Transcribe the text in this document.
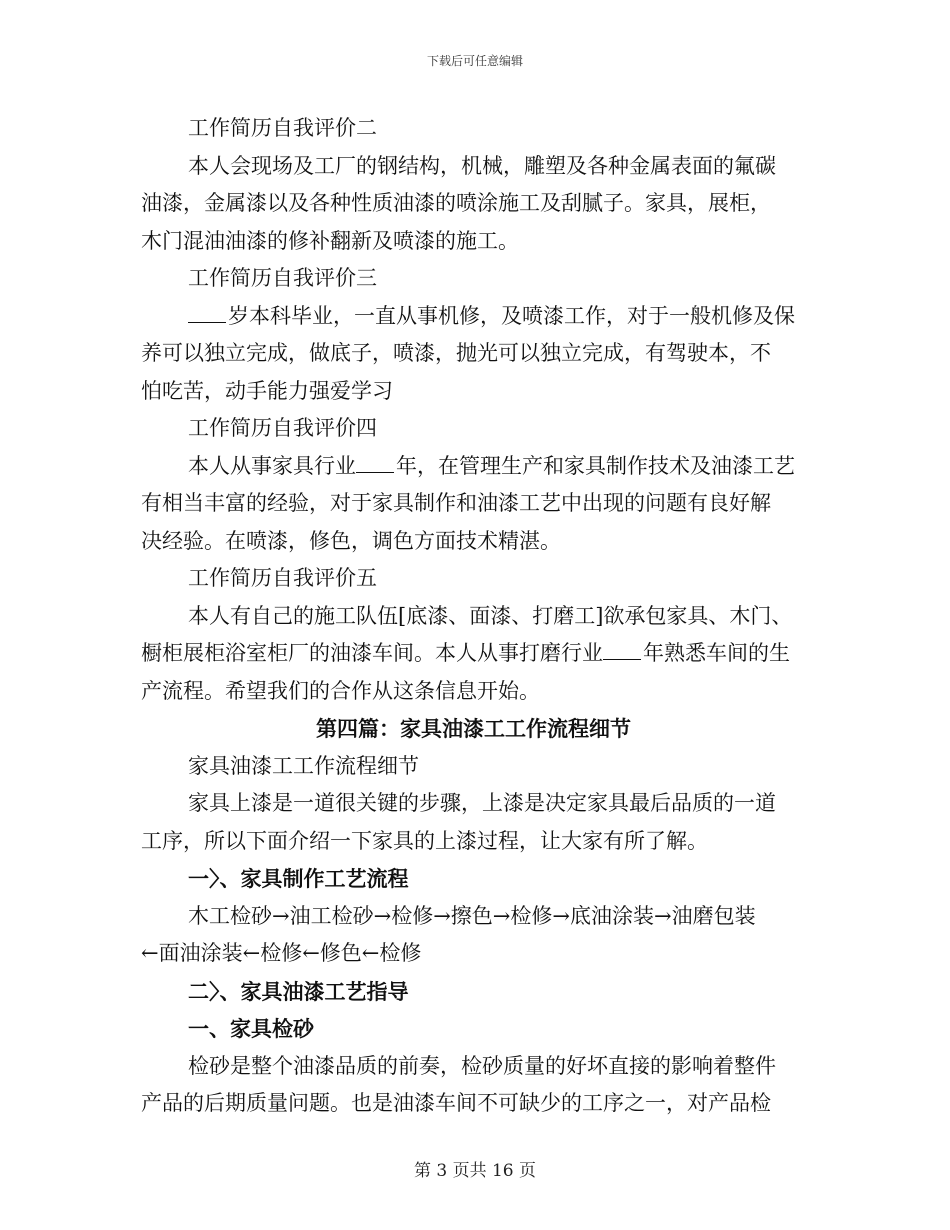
下载后可任意编辑
工作简历自我评价二
本人会现场及工厂的钢结构，机械，雕塑及各种金属表面的氟碳
油漆，金属漆以及各种性质油漆的喷涂施工及刮腻子。家具，展柜，
木门混油油漆的修补翻新及喷漆的施工。
工作简历自我评价三
岁本科毕业，一直从事机修，及喷漆工作，对于一般机修及保
养可以独立完成，做底子，喷漆，抛光可以独立完成，有驾驶本，不
怕吃苦，动手能力强爱学习
工作简历自我评价四
本人从事家具行业 年，在管理生产和家具制作技术及油漆工艺
有相当丰富的经验，对于家具制作和油漆工艺中出现的问题有良好解
决经验。在喷漆，修色，调色方面技术精湛。
工作简历自我评价五
本人有自己的施工队伍[底漆、面漆、打磨工]欲承包家具、木门、
橱柜展柜浴室柜厂的油漆车间。本人从事打磨行业 年熟悉车间的生
产流程。希望我们的合作从这条信息开始。
第四篇：家具油漆工工作流程细节
家具油漆工工作流程细节
家具上漆是一道很关键的步骤，上漆是决定家具最后品质的一道
工序，所以下面介绍一下家具的上漆过程，让大家有所了解。
一〉、家具制作工艺流程
木工检砂→油工检砂→检修→擦色→检修→底油涂装→油磨包装
←面油涂装←检修←修色←检修
二〉、家具油漆工艺指导
一、家具检砂
检砂是整个油漆品质的前奏，检砂质量的好坏直接的影响着整件
产品的后期质量问题。也是油漆车间不可缺少的工序之一，对产品检
第 3 页共 16 页
